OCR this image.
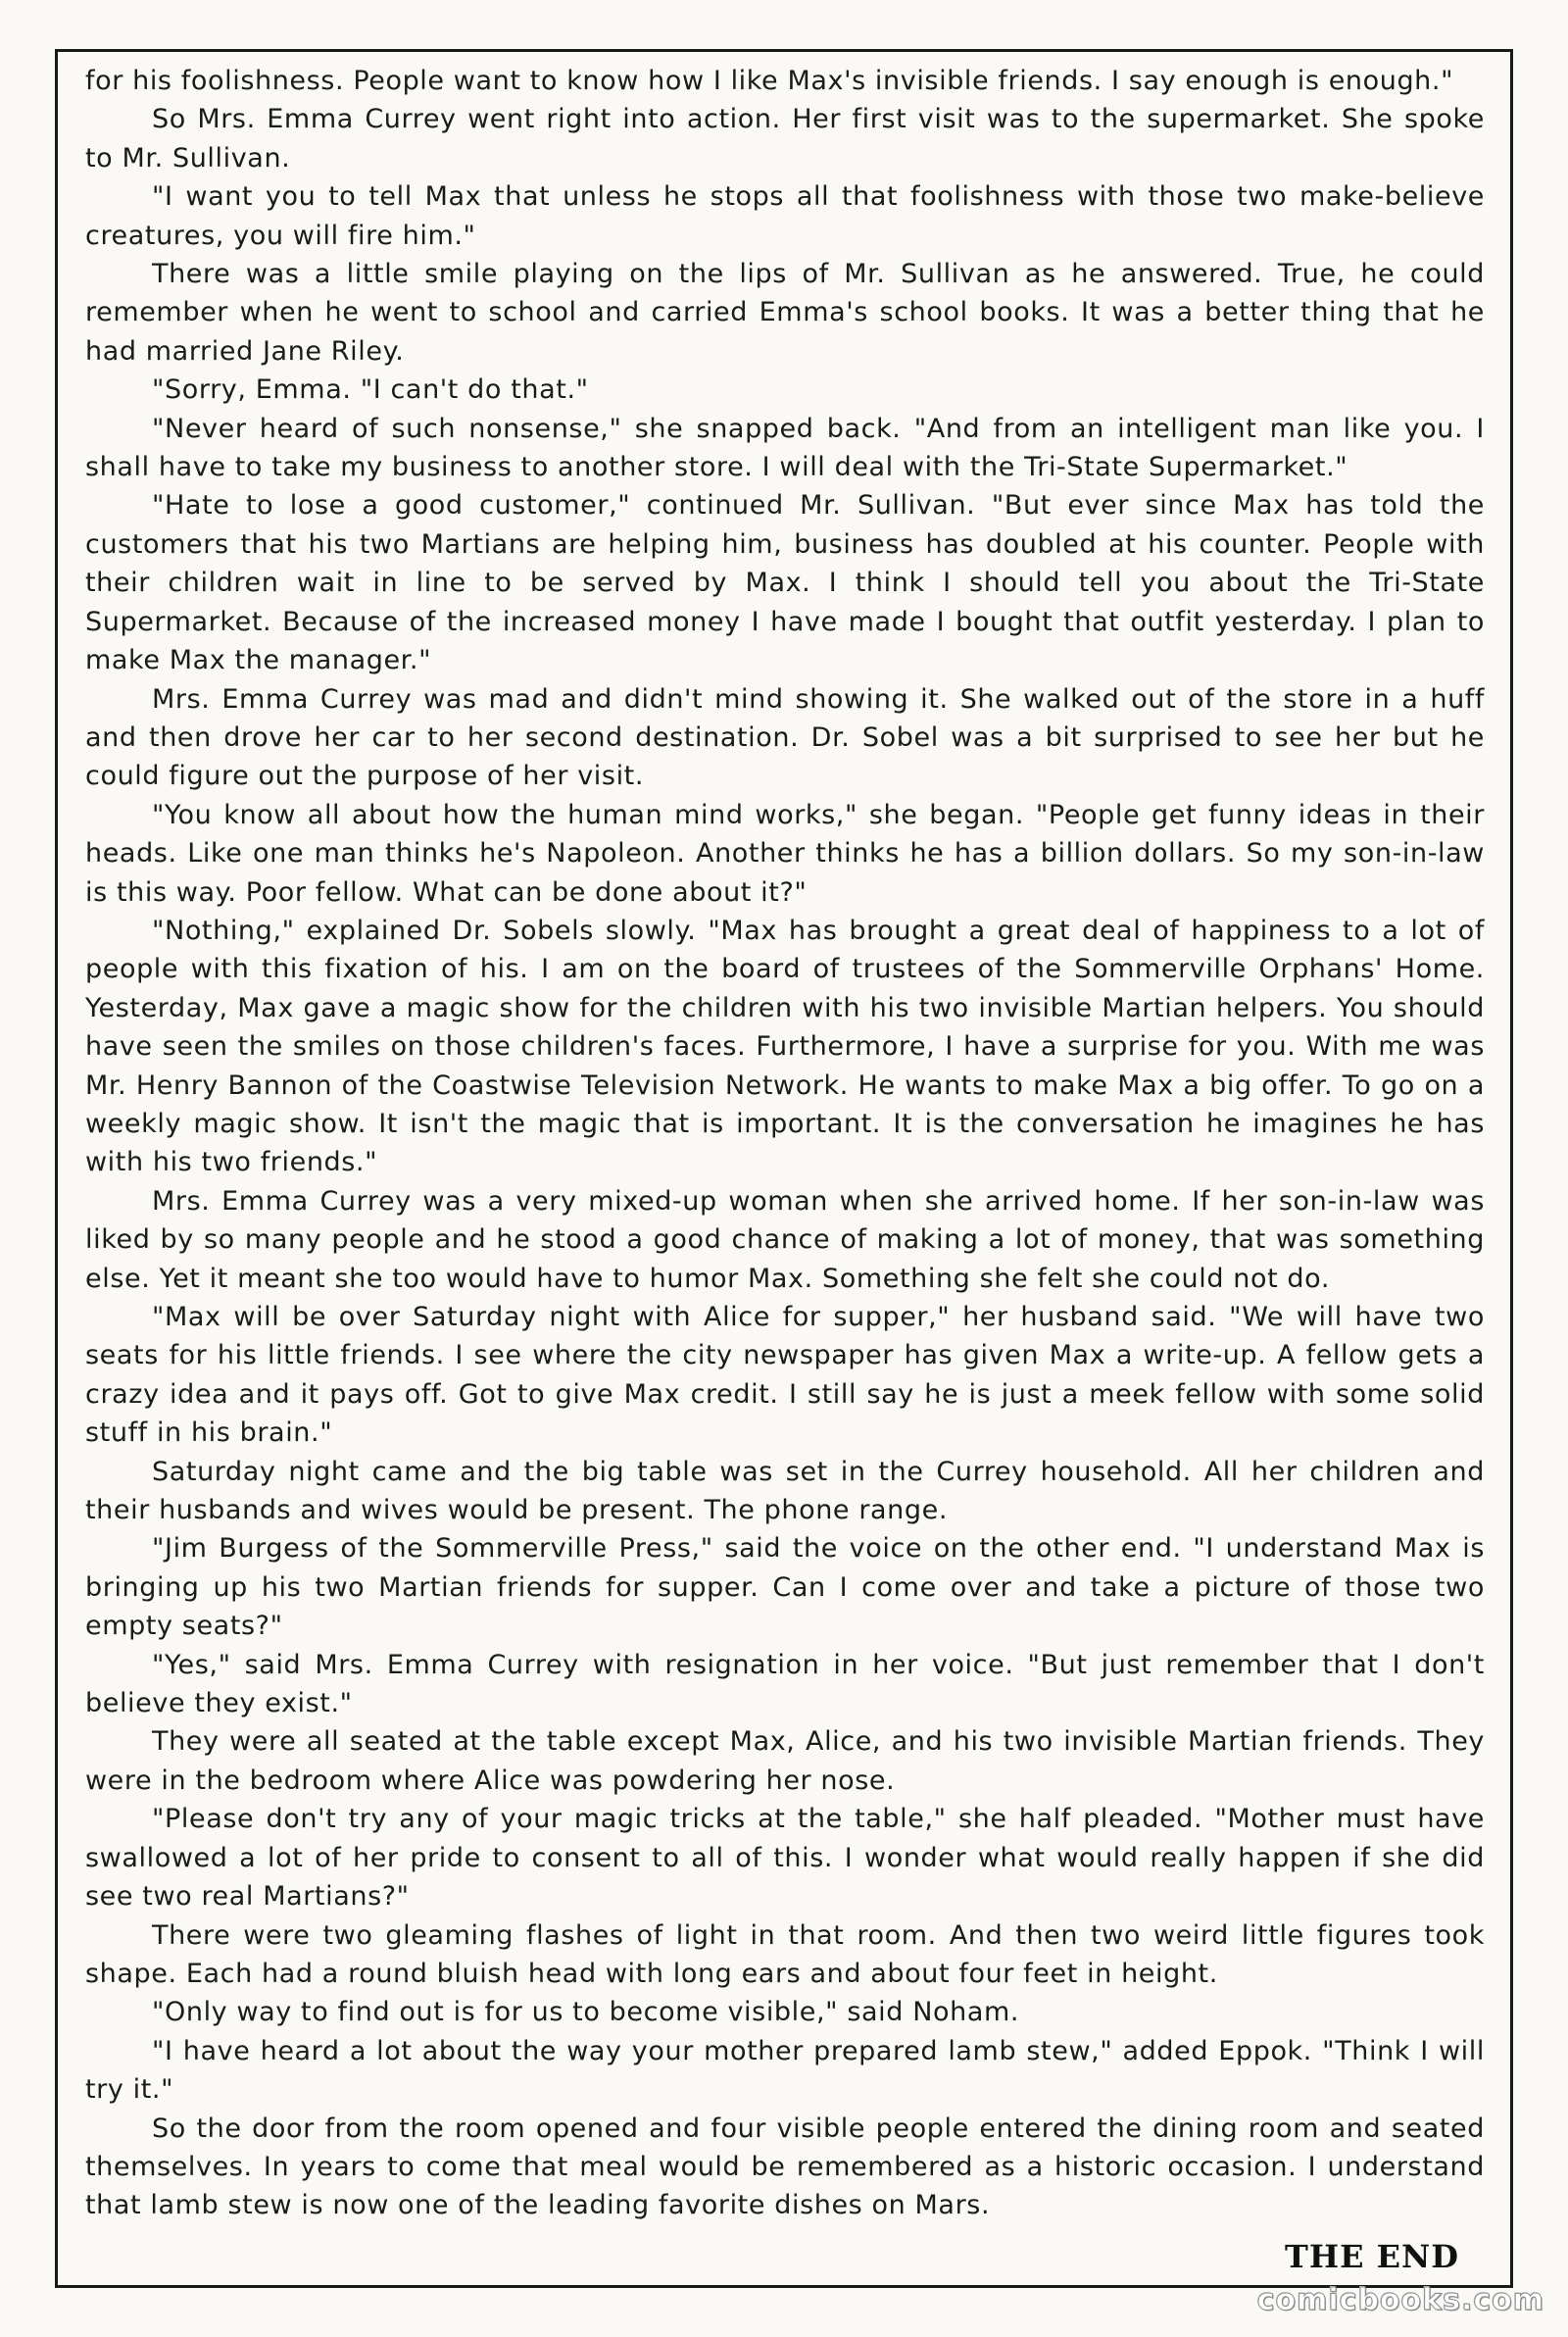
for his foolishness. People want to know how I like Max's invisible friends. I say enough is enough."

So Mrs. Emma Currey went right into action. Her first visit was to the supermarket. She spoke to Mr. Sullivan.

"I want you to tell Max that unless he stops all that foolishness with those two make-believe creatures, you will fire him."

There was a little smile playing on the lips of Mr. Sullivan as he answered. True, he could remember when he went to school and carried Emma's school books. It was a better thing that he had married Jane Riley.

"Sorry, Emma. "I can't do that."

"Never heard of such nonsense," she snapped back. "And from an intelligent man like you. I shall have to take my business to another store. I will deal with the Tri-State Supermarket."

"Hate to lose a good customer," continued Mr. Sullivan. "But ever since Max has told the customers that his two Martians are helping him, business has doubled at his counter. People with their children wait in line to be served by Max. I think I should tell you about the Tri-State Supermarket. Because of the increased money I have made I bought that outfit yesterday. I plan to make Max the manager."

Mrs. Emma Currey was mad and didn't mind showing it. She walked out of the store in a huff and then drove her car to her second destination. Dr. Sobel was a bit surprised to see her but he could figure out the purpose of her visit.

"You know all about how the human mind works," she began. "People get funny ideas in their heads. Like one man thinks he's Napoleon. Another thinks he has a billion dollars. So my son-in-law is this way. Poor fellow. What can be done about it?"

"Nothing," explained Dr. Sobels slowly. "Max has brought a great deal of happiness to a lot of people with this fixation of his. I am on the board of trustees of the Sommerville Orphans' Home. Yesterday, Max gave a magic show for the children with his two invisible Martian helpers. You should have seen the smiles on those children's faces. Furthermore, I have a surprise for you. With me was Mr. Henry Bannon of the Coastwise Television Network. He wants to make Max a big offer. To go on a weekly magic show. It isn't the magic that is important. It is the conversation he imagines he has with his two friends."

Mrs. Emma Currey was a very mixed-up woman when she arrived home. If her son-in-law was liked by so many people and he stood a good chance of making a lot of money, that was something else. Yet it meant she too would have to humor Max. Something she felt she could not do.

"Max will be over Saturday night with Alice for supper," her husband said. "We will have two seats for his little friends. I see where the city newspaper has given Max a write-up. A fellow gets a crazy idea and it pays off. Got to give Max credit. I still say he is just a meek fellow with some solid stuff in his brain."

Saturday night came and the big table was set in the Currey household. All her children and their husbands and wives would be present. The phone range.

"Jim Burgess of the Sommerville Press," said the voice on the other end. "I understand Max is bringing up his two Martian friends for supper. Can I come over and take a picture of those two empty seats?"

"Yes," said Mrs. Emma Currey with resignation in her voice. "But just remember that I don't believe they exist."

They were all seated at the table except Max, Alice, and his two invisible Martian friends. They were in the bedroom where Alice was powdering her nose.

"Please don't try any of your magic tricks at the table," she half pleaded. "Mother must have swallowed a lot of her pride to consent to all of this. I wonder what would really happen if she did see two real Martians?"

There were two gleaming flashes of light in that room. And then two weird little figures took shape. Each had a round bluish head with long ears and about four feet in height.

"Only way to find out is for us to become visible," said Noham.

"I have heard a lot about the way your mother prepared lamb stew," added Eppok. "Think I will try it."

So the door from the room opened and four visible people entered the dining room and seated themselves. In years to come that meal would be remembered as a historic occasion. I understand that lamb stew is now one of the leading favorite dishes on Mars.

THE END
comicbooks.com
